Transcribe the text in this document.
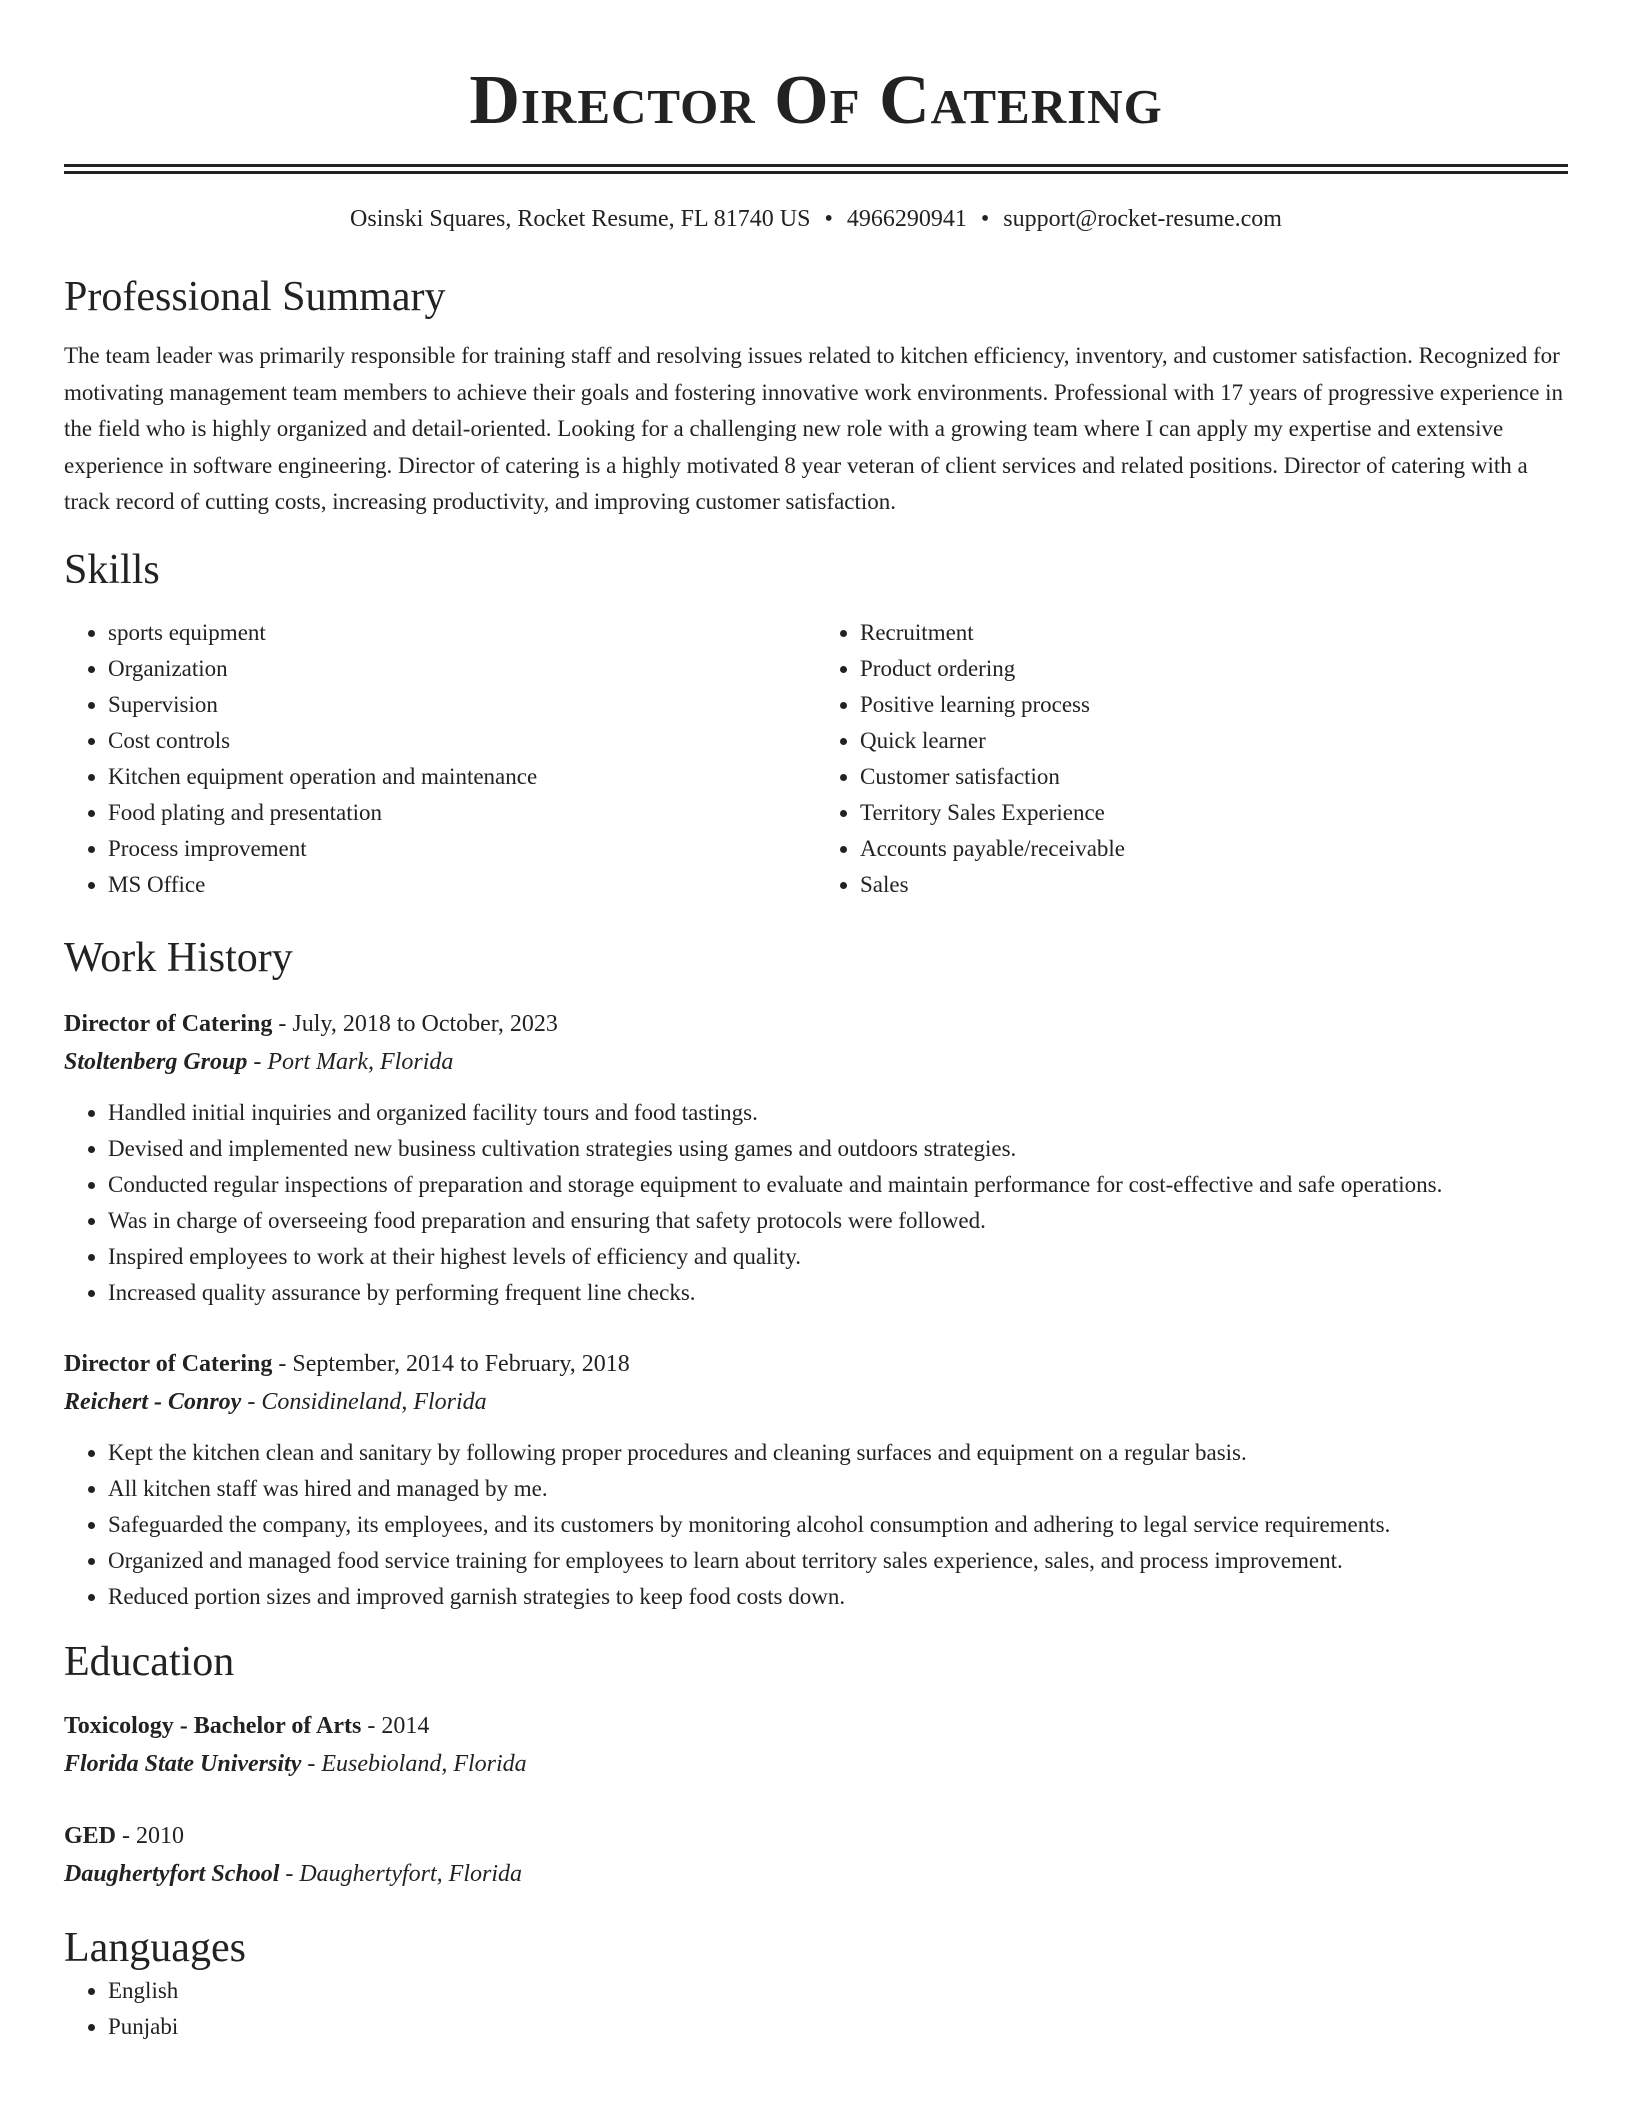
Director Of Catering
Osinski Squares, Rocket Resume, FL 81740 US • 4966290941 • support@rocket-resume.com
Professional Summary

The team leader was primarily responsible for training staff and resolving issues related to kitchen efficiency, inventory, and customer satisfaction. Recognized for motivating management team members to achieve their goals and fostering innovative work environments. Professional with 17 years of progressive experience in the field who is highly organized and detail-oriented. Looking for a challenging new role with a growing team where I can apply my expertise and extensive experience in software engineering. Director of catering is a highly motivated 8 year veteran of client services and related positions. Director of catering with a track record of cutting costs, increasing productivity, and improving customer satisfaction.

Skills
• sports equipment
• Organization
• Supervision
• Cost controls
• Kitchen equipment operation and maintenance
• Food plating and presentation
• Process improvement
• MS Office
• Recruitment
• Product ordering
• Positive learning process
• Quick learner
• Customer satisfaction
• Territory Sales Experience
• Accounts payable/receivable
• Sales
Work History
Director of Catering - July, 2018 to October, 2023
Stoltenberg Group - Port Mark, Florida
• Handled initial inquiries and organized facility tours and food tastings.
• Devised and implemented new business cultivation strategies using games and outdoors strategies.
• Conducted regular inspections of preparation and storage equipment to evaluate and maintain performance for cost-effective and safe operations.
• Was in charge of overseeing food preparation and ensuring that safety protocols were followed.
• Inspired employees to work at their highest levels of efficiency and quality.
• Increased quality assurance by performing frequent line checks.
Director of Catering - September, 2014 to February, 2018
Reichert - Conroy - Considineland, Florida
• Kept the kitchen clean and sanitary by following proper procedures and cleaning surfaces and equipment on a regular basis.
• All kitchen staff was hired and managed by me.
• Safeguarded the company, its employees, and its customers by monitoring alcohol consumption and adhering to legal service requirements.
• Organized and managed food service training for employees to learn about territory sales experience, sales, and process improvement.
• Reduced portion sizes and improved garnish strategies to keep food costs down.
Education
Toxicology - Bachelor of Arts - 2014
Florida State University - Eusebioland, Florida
GED - 2010
Daughertyfort School - Daughertyfort, Florida
Languages
• English
• Punjabi
